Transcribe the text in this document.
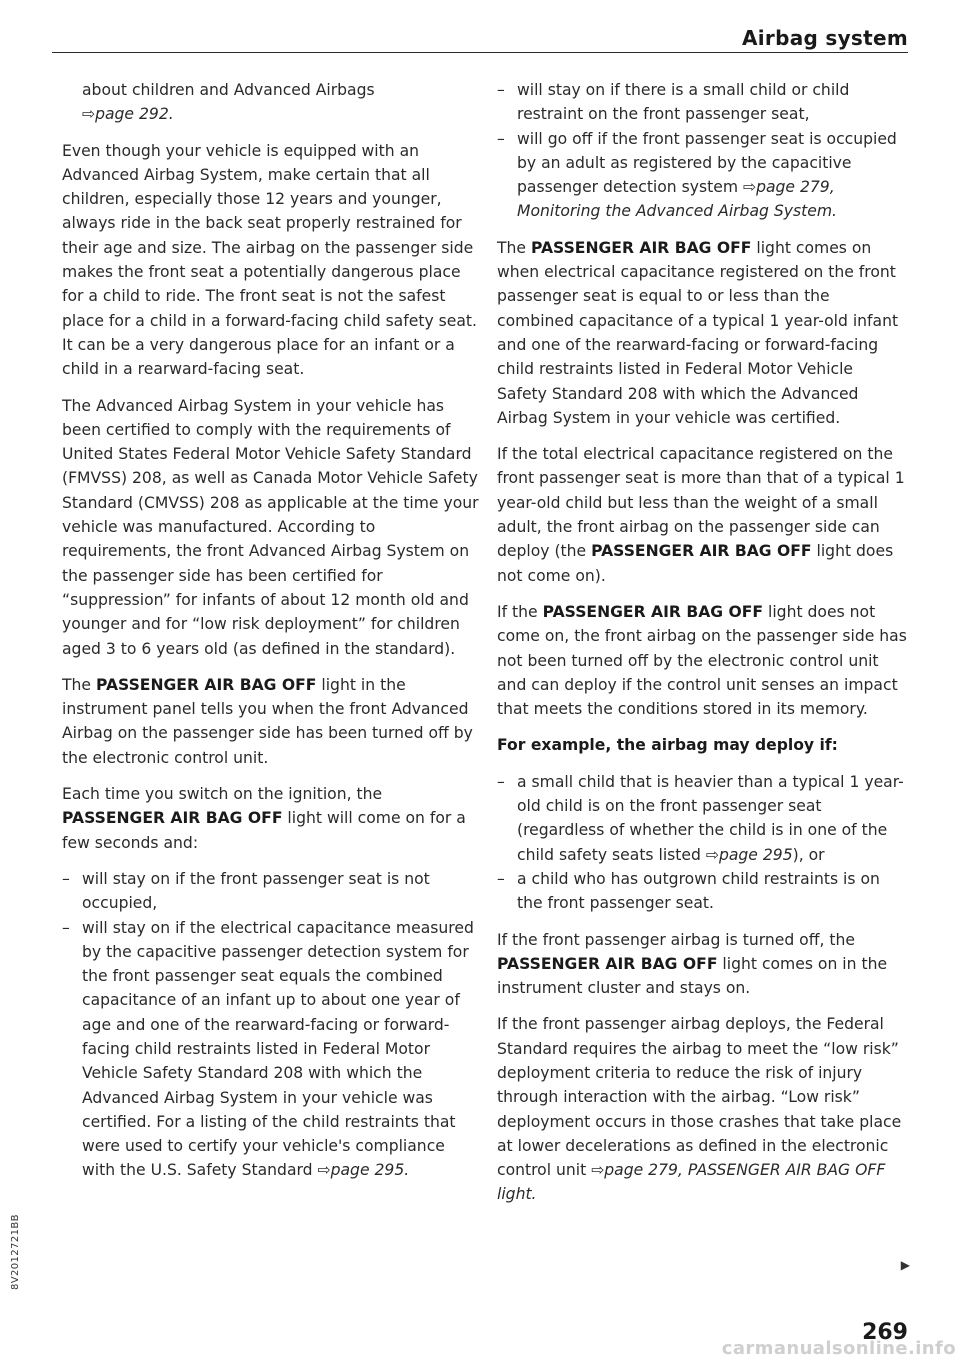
Airbag system

about children and Advanced Airbags
⇨page 292.

Even though your vehicle is equipped with an Advanced Airbag System, make certain that all children, especially those 12 years and younger, always ride in the back seat properly restrained for their age and size. The airbag on the passenger side makes the front seat a potentially dangerous place for a child to ride. The front seat is not the safest place for a child in a forward-facing child safety seat. It can be a very dangerous place for an infant or a child in a rearward-facing seat.

The Advanced Airbag System in your vehicle has been certified to comply with the requirements of United States Federal Motor Vehicle Safety Standard (FMVSS) 208, as well as Canada Motor Vehicle Safety Standard (CMVSS) 208 as applicable at the time your vehicle was manufactured. According to requirements, the front Advanced Airbag System on the passenger side has been certified for “suppression” for infants of about 12 month old and younger and for “low risk deployment” for children aged 3 to 6 years old (as defined in the standard).

The PASSENGER AIR BAG OFF light in the instrument panel tells you when the front Advanced Airbag on the passenger side has been turned off by the electronic control unit.

Each time you switch on the ignition, the PASSENGER AIR BAG OFF light will come on for a few seconds and:

– will stay on if the front passenger seat is not occupied,
– will stay on if the electrical capacitance measured by the capacitive passenger detection system for the front passenger seat equals the combined capacitance of an infant up to about one year of age and one of the rearward-facing or forward-facing child restraints listed in Federal Motor Vehicle Safety Standard 208 with which the Advanced Airbag System in your vehicle was certified. For a listing of the child restraints that were used to certify your vehicle's compliance with the U.S. Safety Standard ⇨page 295.
– will stay on if there is a small child or child restraint on the front passenger seat,
– will go off if the front passenger seat is occupied by an adult as registered by the capacitive passenger detection system ⇨page 279, Monitoring the Advanced Airbag System.

The PASSENGER AIR BAG OFF light comes on when electrical capacitance registered on the front passenger seat is equal to or less than the combined capacitance of a typical 1 year-old infant and one of the rearward-facing or forward-facing child restraints listed in Federal Motor Vehicle Safety Standard 208 with which the Advanced Airbag System in your vehicle was certified.

If the total electrical capacitance registered on the front passenger seat is more than that of a typical 1 year-old child but less than the weight of a small adult, the front airbag on the passenger side can deploy (the PASSENGER AIR BAG OFF light does not come on).

If the PASSENGER AIR BAG OFF light does not come on, the front airbag on the passenger side has not been turned off by the electronic control unit and can deploy if the control unit senses an impact that meets the conditions stored in its memory.

For example, the airbag may deploy if:

– a small child that is heavier than a typical 1 year-old child is on the front passenger seat (regardless of whether the child is in one of the child safety seats listed ⇨page 295), or
– a child who has outgrown child restraints is on the front passenger seat.

If the front passenger airbag is turned off, the PASSENGER AIR BAG OFF light comes on in the instrument cluster and stays on.

If the front passenger airbag deploys, the Federal Standard requires the airbag to meet the “low risk” deployment criteria to reduce the risk of injury through interaction with the airbag. “Low risk” deployment occurs in those crashes that take place at lower decelerations as defined in the electronic control unit ⇨page 279, PASSENGER AIR BAG OFF light.

▶
8V2012721BB
269
carmanualsonline.info
